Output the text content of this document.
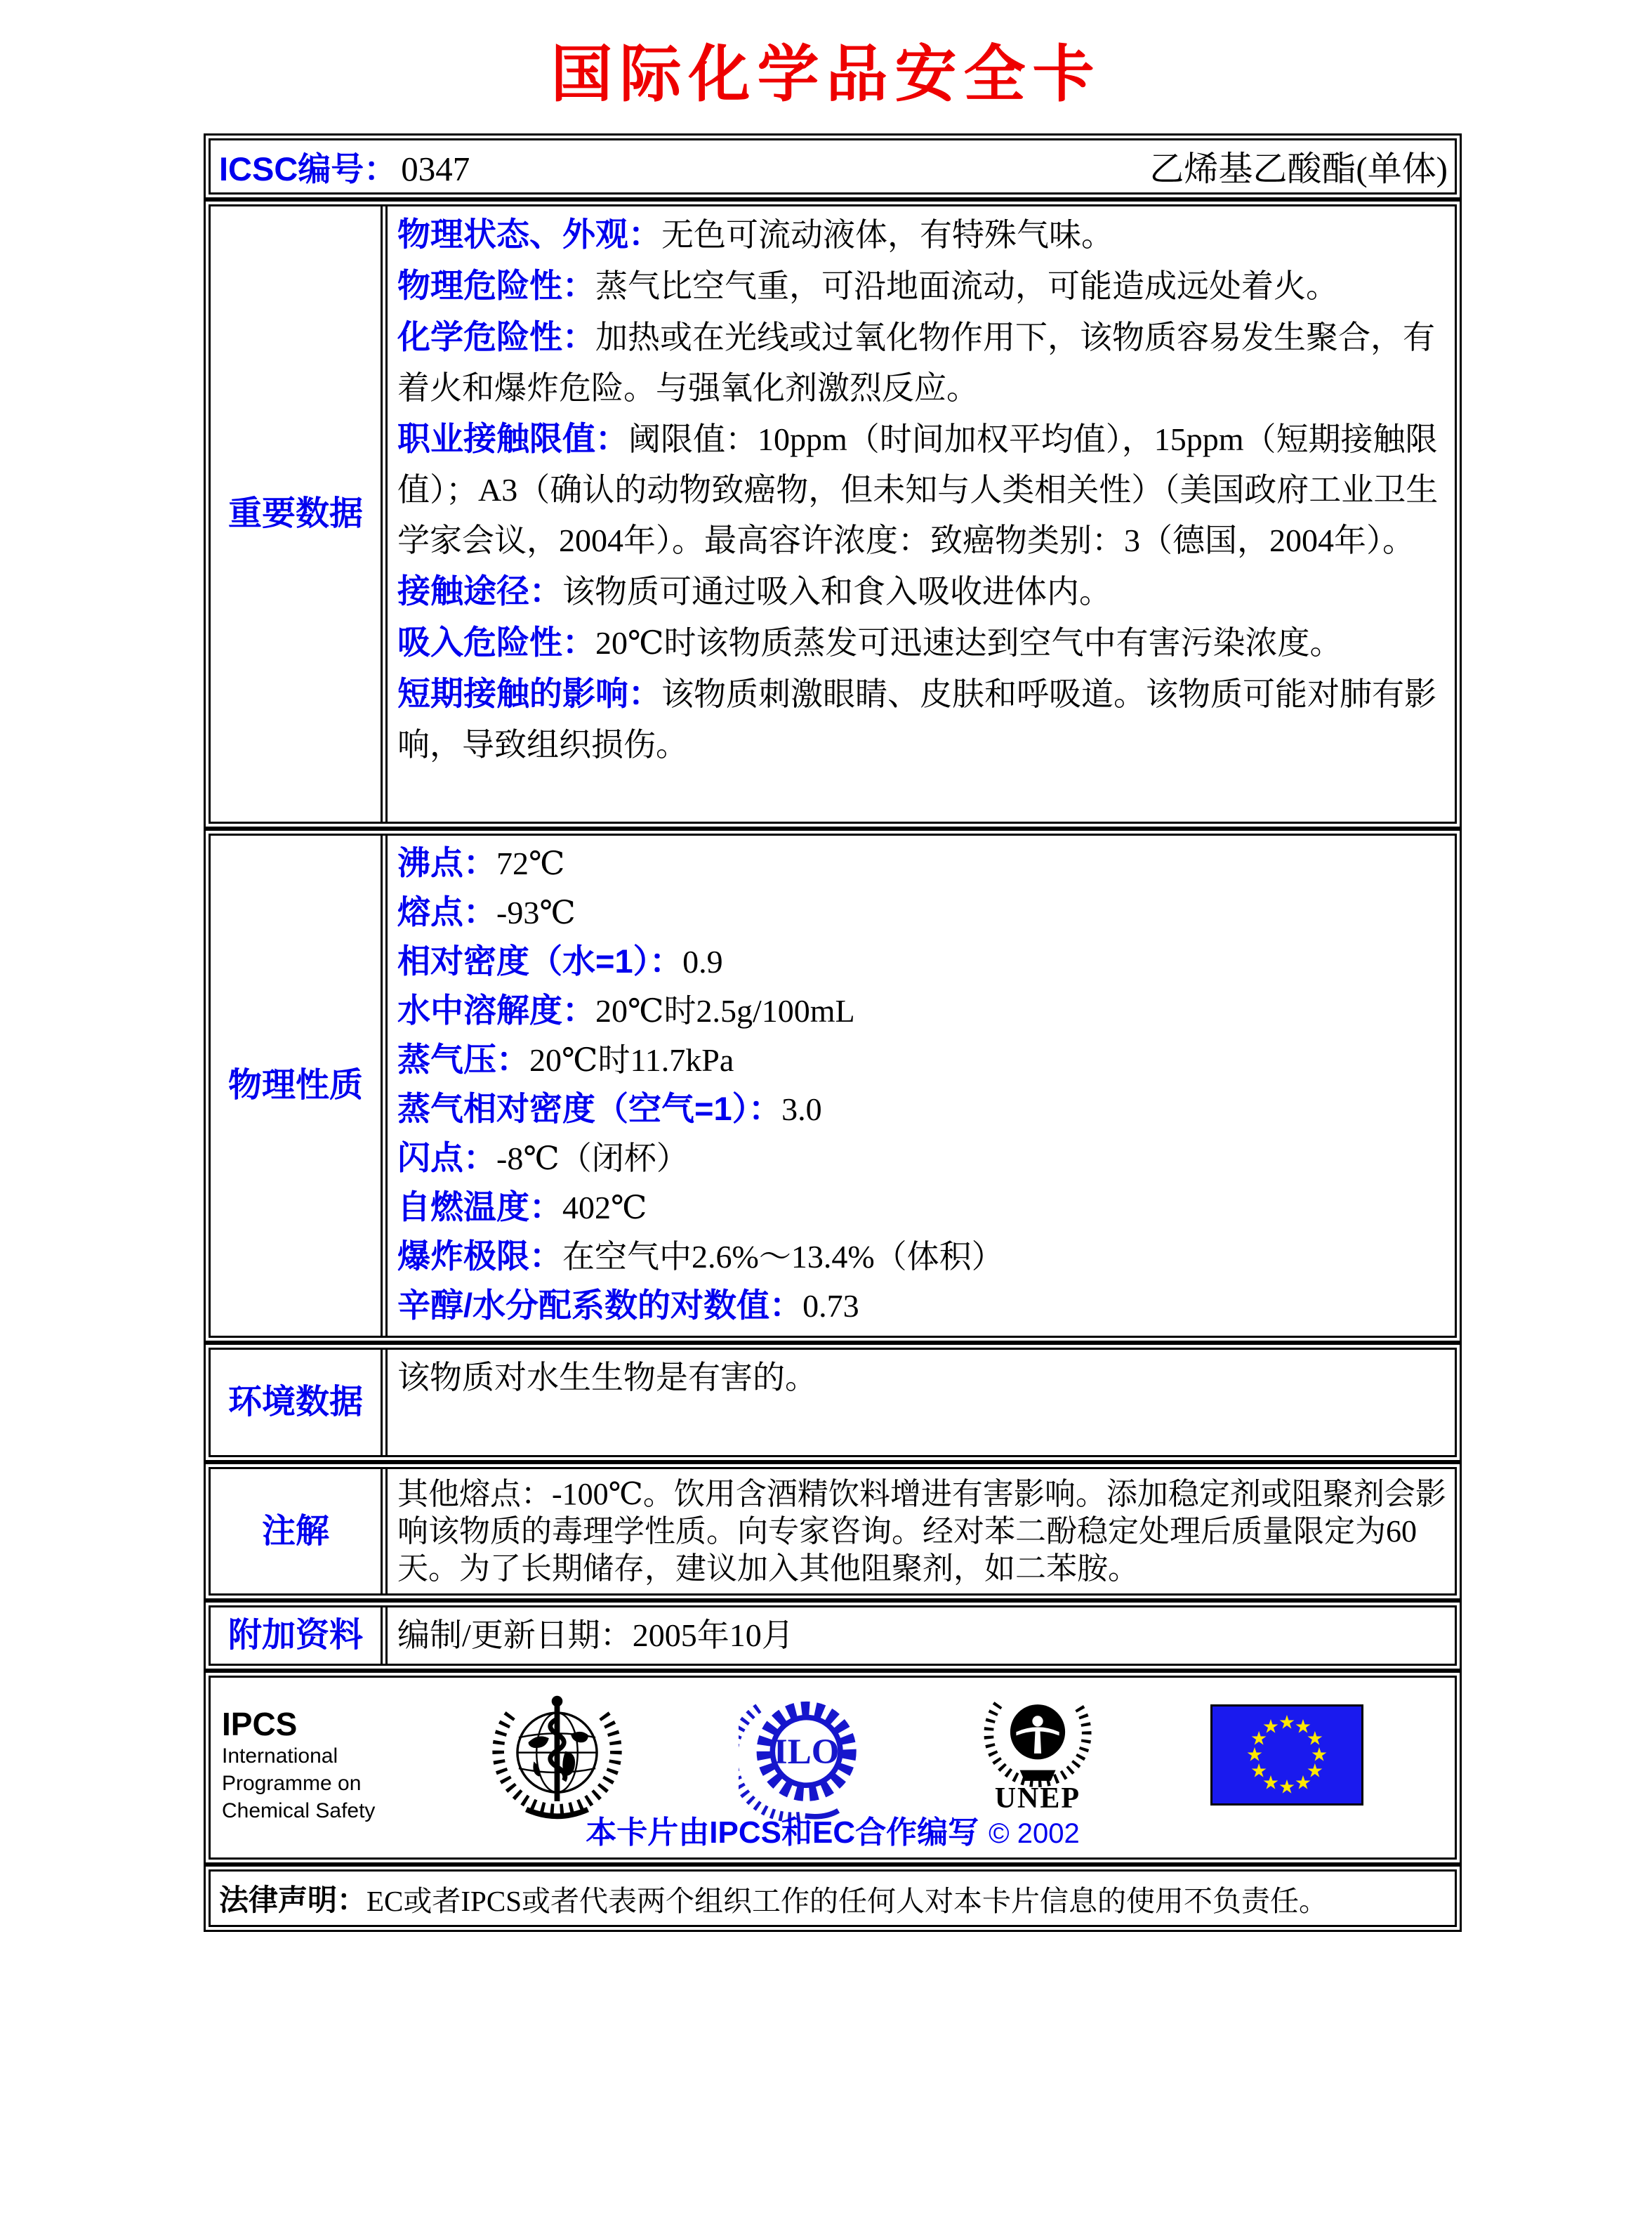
国际化学品安全卡
ICSC编号： 0347	乙烯基乙酸酯(单体)
重要数据
物理状态、外观：无色可流动液体，有特殊气味。
物理危险性：蒸气比空气重，可沿地面流动，可能造成远处着火。
化学危险性：加热或在光线或过氧化物作用下，该物质容易发生聚合，有着火和爆炸危险。与强氧化剂激烈反应。
职业接触限值：阈限值：10ppm（时间加权平均值），15ppm（短期接触限值）；A3（确认的动物致癌物，但未知与人类相关性）（美国政府工业卫生学家会议，2004年）。最高容许浓度：致癌物类别：3（德国，2004年）。
接触途径：该物质可通过吸入和食入吸收进体内。
吸入危险性：20℃时该物质蒸发可迅速达到空气中有害污染浓度。
短期接触的影响：该物质刺激眼睛、皮肤和呼吸道。该物质可能对肺有影响，导致组织损伤。
物理性质
沸点：72℃
熔点：-93℃
相对密度（水=1）：0.9
水中溶解度：20℃时2.5g/100mL
蒸气压：20℃时11.7kPa
蒸气相对密度（空气=1）：3.0
闪点：-8℃（闭杯）
自燃温度：402℃
爆炸极限：在空气中2.6%～13.4%（体积）
辛醇/水分配系数的对数值：0.73
环境数据
该物质对水生生物是有害的。
注解
其他熔点：-100℃。饮用含酒精饮料增进有害影响。添加稳定剂或阻聚剂会影响该物质的毒理学性质。向专家咨询。经对苯二酚稳定处理后质量限定为60天。为了长期储存，建议加入其他阻聚剂，如二苯胺。
附加资料	编制/更新日期：2005年10月
IPCS
International
Programme on
Chemical Safety
ILO
UNEP
★
★
★
★
★
★
★
★
★
★
★
★
本卡片由IPCS和EC合作编写 © 2002
法律声明： EC或者IPCS或者代表两个组织工作的任何人对本卡片信息的使用不负责任。
